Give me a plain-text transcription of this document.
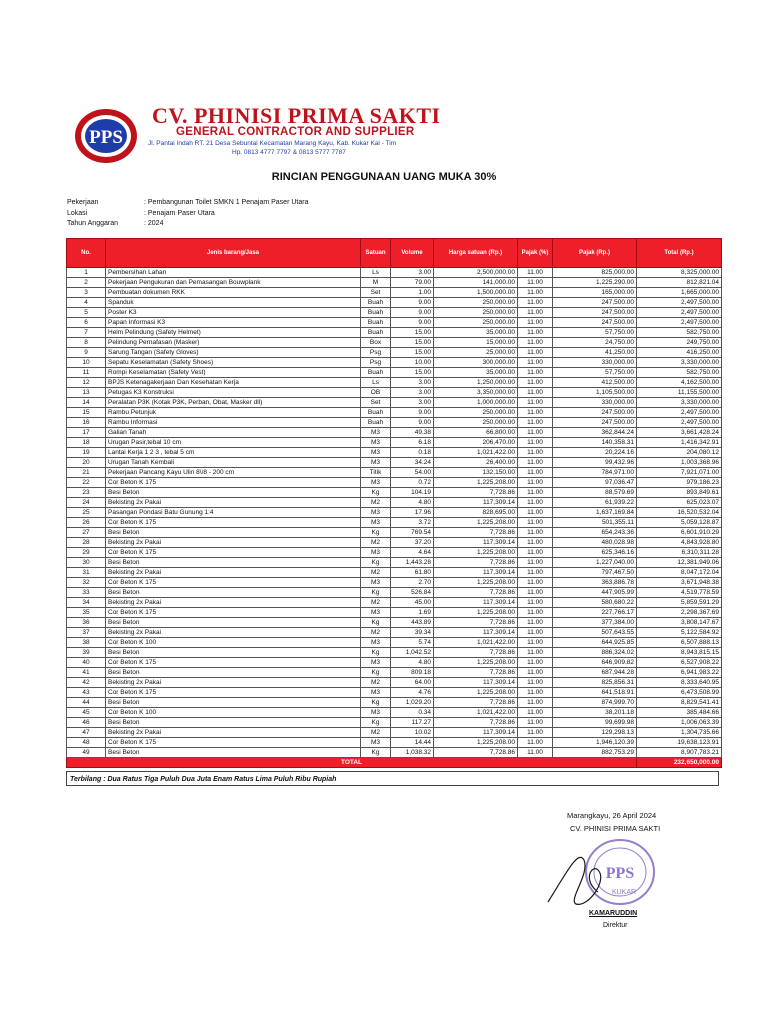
PPS
CV. PHINISI PRIMA SAKTI
GENERAL CONTRACTOR AND SUPPLIER
Jl. Pantai Indah RT. 21 Desa Sebuntal Kecamatan Marang Kayu, Kab. Kukar Kal - Tim
Hp. 0813 4777 7797 & 0813 5777 7787
RINCIAN PENGGUNAAN UANG MUKA 30%
Pekerjaan	: Pembangunan Toilet SMKN 1 Penajam Paser Utara
Lokasi	: Penajam Paser Utara
Tahun Anggaran	: 2024
No.	Jenis barang/Jasa	Satuan	Volume	Harga satuan (Rp.)	Pajak (%)	Pajak (Rp.)	Total (Rp.)
1	Pembersihan Lahan	Ls	3.00	2,500,000.00	11.00	825,000.00	8,325,000.00
2	Pekerjaan Pengukuran dan Pemasangan Bouwplank	M	79.00	141,000.00	11.00	1,225,290.00	812,821.04
3	Pembuatan dokumen RKK	Set	1.00	1,500,000.00	11.00	165,000.00	1,665,000.00
4	Spanduk	Buah	9.00	250,000.00	11.00	247,500.00	2,497,500.00
5	Poster K3	Buah	9.00	250,000.00	11.00	247,500.00	2,497,500.00
6	Papan Informasi K3	Buah	9.00	250,000.00	11.00	247,500.00	2,497,500.00
7	Helm Pelindung (Safety Helmet)	Buah	15.00	35,000.00	11.00	57,750.00	582,750.00
8	Pelindung Pernafasan (Masker)	Box	15.00	15,000.00	11.00	24,750.00	249,750.00
9	Sarung Tangan (Safety Gloves)	Psg	15.00	25,000.00	11.00	41,250.00	416,250.00
10	Sepatu Keselamatan (Safety Shoes)	Psg	10.00	300,000.00	11.00	330,000.00	3,330,000.00
11	Rompi Keselamatan (Safety Vest)	Buah	15.00	35,000.00	11.00	57,750.00	582,750.00
12	BPJS Ketenagakerjaan Dan Kesehatan Kerja	Ls	3.00	1,250,000.00	11.00	412,500.00	4,162,500.00
13	Petugas K3 Konstruksi	OB	3.00	3,350,000.00	11.00	1,105,500.00	11,155,500.00
14	Peralatan P3K (Kotak P3K, Perban, Obat, Masker dll)	Set	3.00	1,000,000.00	11.00	330,000.00	3,330,000.00
15	Rambu Petunjuk	Buah	9.00	250,000.00	11.00	247,500.00	2,497,500.00
16	Rambu Informasi	Buah	9.00	250,000.00	11.00	247,500.00	2,497,500.00
17	Galian Tanah	M3	49.38	66,800.00	11.00	362,844.24	3,661,428.24
18	Urugan Pasir,tebal 10 cm	M3	6.18	206,470.00	11.00	140,358.31	1,416,342.91
19	Lantai Kerja 1 2 3 , tebal 5 cm	M3	0.18	1,021,422.00	11.00	20,224.16	204,080.12
20	Urugan Tanah Kembali	M3	34.24	26,400.00	11.00	99,432.96	1,003,368.96
21	Pekerjaan Pancang Kayu Ulin 8\/8 - 200 cm	Titik	54.00	132,150.00	11.00	784,971.00	7,921,071.00
22	Cor Beton K 175	M3	0.72	1,225,208.00	11.00	97,036.47	979,186.23
23	Besi Beton	Kg	104.19	7,728.86	11.00	88,579.69	893,849.61
24	Bekisting 2x Pakai	M2	4.80	117,309.14	11.00	61,939.22	625,023.07
25	Pasangan Pondasi Batu Gunung 1:4	M3	17.96	828,695.00	11.00	1,637,169.84	16,520,532.04
26	Cor Beton K 175	M3	3.72	1,225,208.00	11.00	501,355.11	5,059,128.87
27	Besi Beton	Kg	769.54	7,728.86	11.00	654,243.36	6,601,910.29
28	Bekisting 2x Pakai	M2	37.20	117,309.14	11.00	480,028.98	4,843,928.80
29	Cor Beton K 175	M3	4.64	1,225,208.00	11.00	625,346.16	6,310,311.28
30	Besi Beton	Kg	1,443.28	7,728.86	11.00	1,227,040.00	12,381,949.06
31	Bekisting 2x Pakai	M2	61.80	117,309.14	11.00	797,467.50	8,047,172.04
32	Cor Beton K 175	M3	2.70	1,225,208.00	11.00	363,886.78	3,671,948.38
33	Besi Beton	Kg	526.84	7,728.86	11.00	447,905.99	4,519,778.59
34	Bekisting 2x Pakai	M2	45.00	117,309.14	11.00	580,680.22	5,859,591.29
35	Cor Beton K 175	M3	1.69	1,225,208.00	11.00	227,766.17	2,298,367.69
36	Besi Beton	Kg	443.89	7,728.86	11.00	377,384.00	3,808,147.67
37	Bekisting 2x Pakai	M2	39.34	117,309.14	11.00	507,643.55	5,122,584.92
38	Cor Beton K 100	M3	5.74	1,021,422.00	11.00	644,925.85	6,507,888.13
39	Besi Beton	Kg	1,042.52	7,728.86	11.00	886,324.02	8,943,815.15
40	Cor Beton K 175	M3	4.80	1,225,208.00	11.00	646,909.82	6,527,908.22
41	Besi Beton	Kg	809.18	7,728.86	11.00	687,944.28	6,941,983.22
42	Bekisting 2x Pakai	M2	64.00	117,309.14	11.00	825,856.31	8,333,640.95
43	Cor Beton K 175	M3	4.76	1,225,208.00	11.00	641,518.91	6,473,508.99
44	Besi Beton	Kg	1,029.20	7,728.86	11.00	874,999.70	8,829,541.41
45	Cor Beton K 100	M3	0.34	1,021,422.00	11.00	38,201.18	385,484.66
46	Besi Beton	Kg	117.27	7,728.86	11.00	99,699.98	1,006,063.39
47	Bekisting 2x Pakai	M2	10.02	117,309.14	11.00	129,298.13	1,304,735.66
48	Cor Beton K 175	M3	14.44	1,225,208.00	11.00	1,946,120.39	19,638,123.91
49	Besi Beton	Kg	1,038.32	7,728.86	11.00	882,753.29	8,907,783.21
TOTAL							232,650,000.00
Terbilang : Dua Ratus Tiga Puluh Dua Juta Enam Ratus Lima Puluh Ribu Rupiah
Marangkayu, 26 April 2024
CV. PHINISI PRIMA SAKTI
PPS
KUKAR
KAMARUDDIN
Direktur
